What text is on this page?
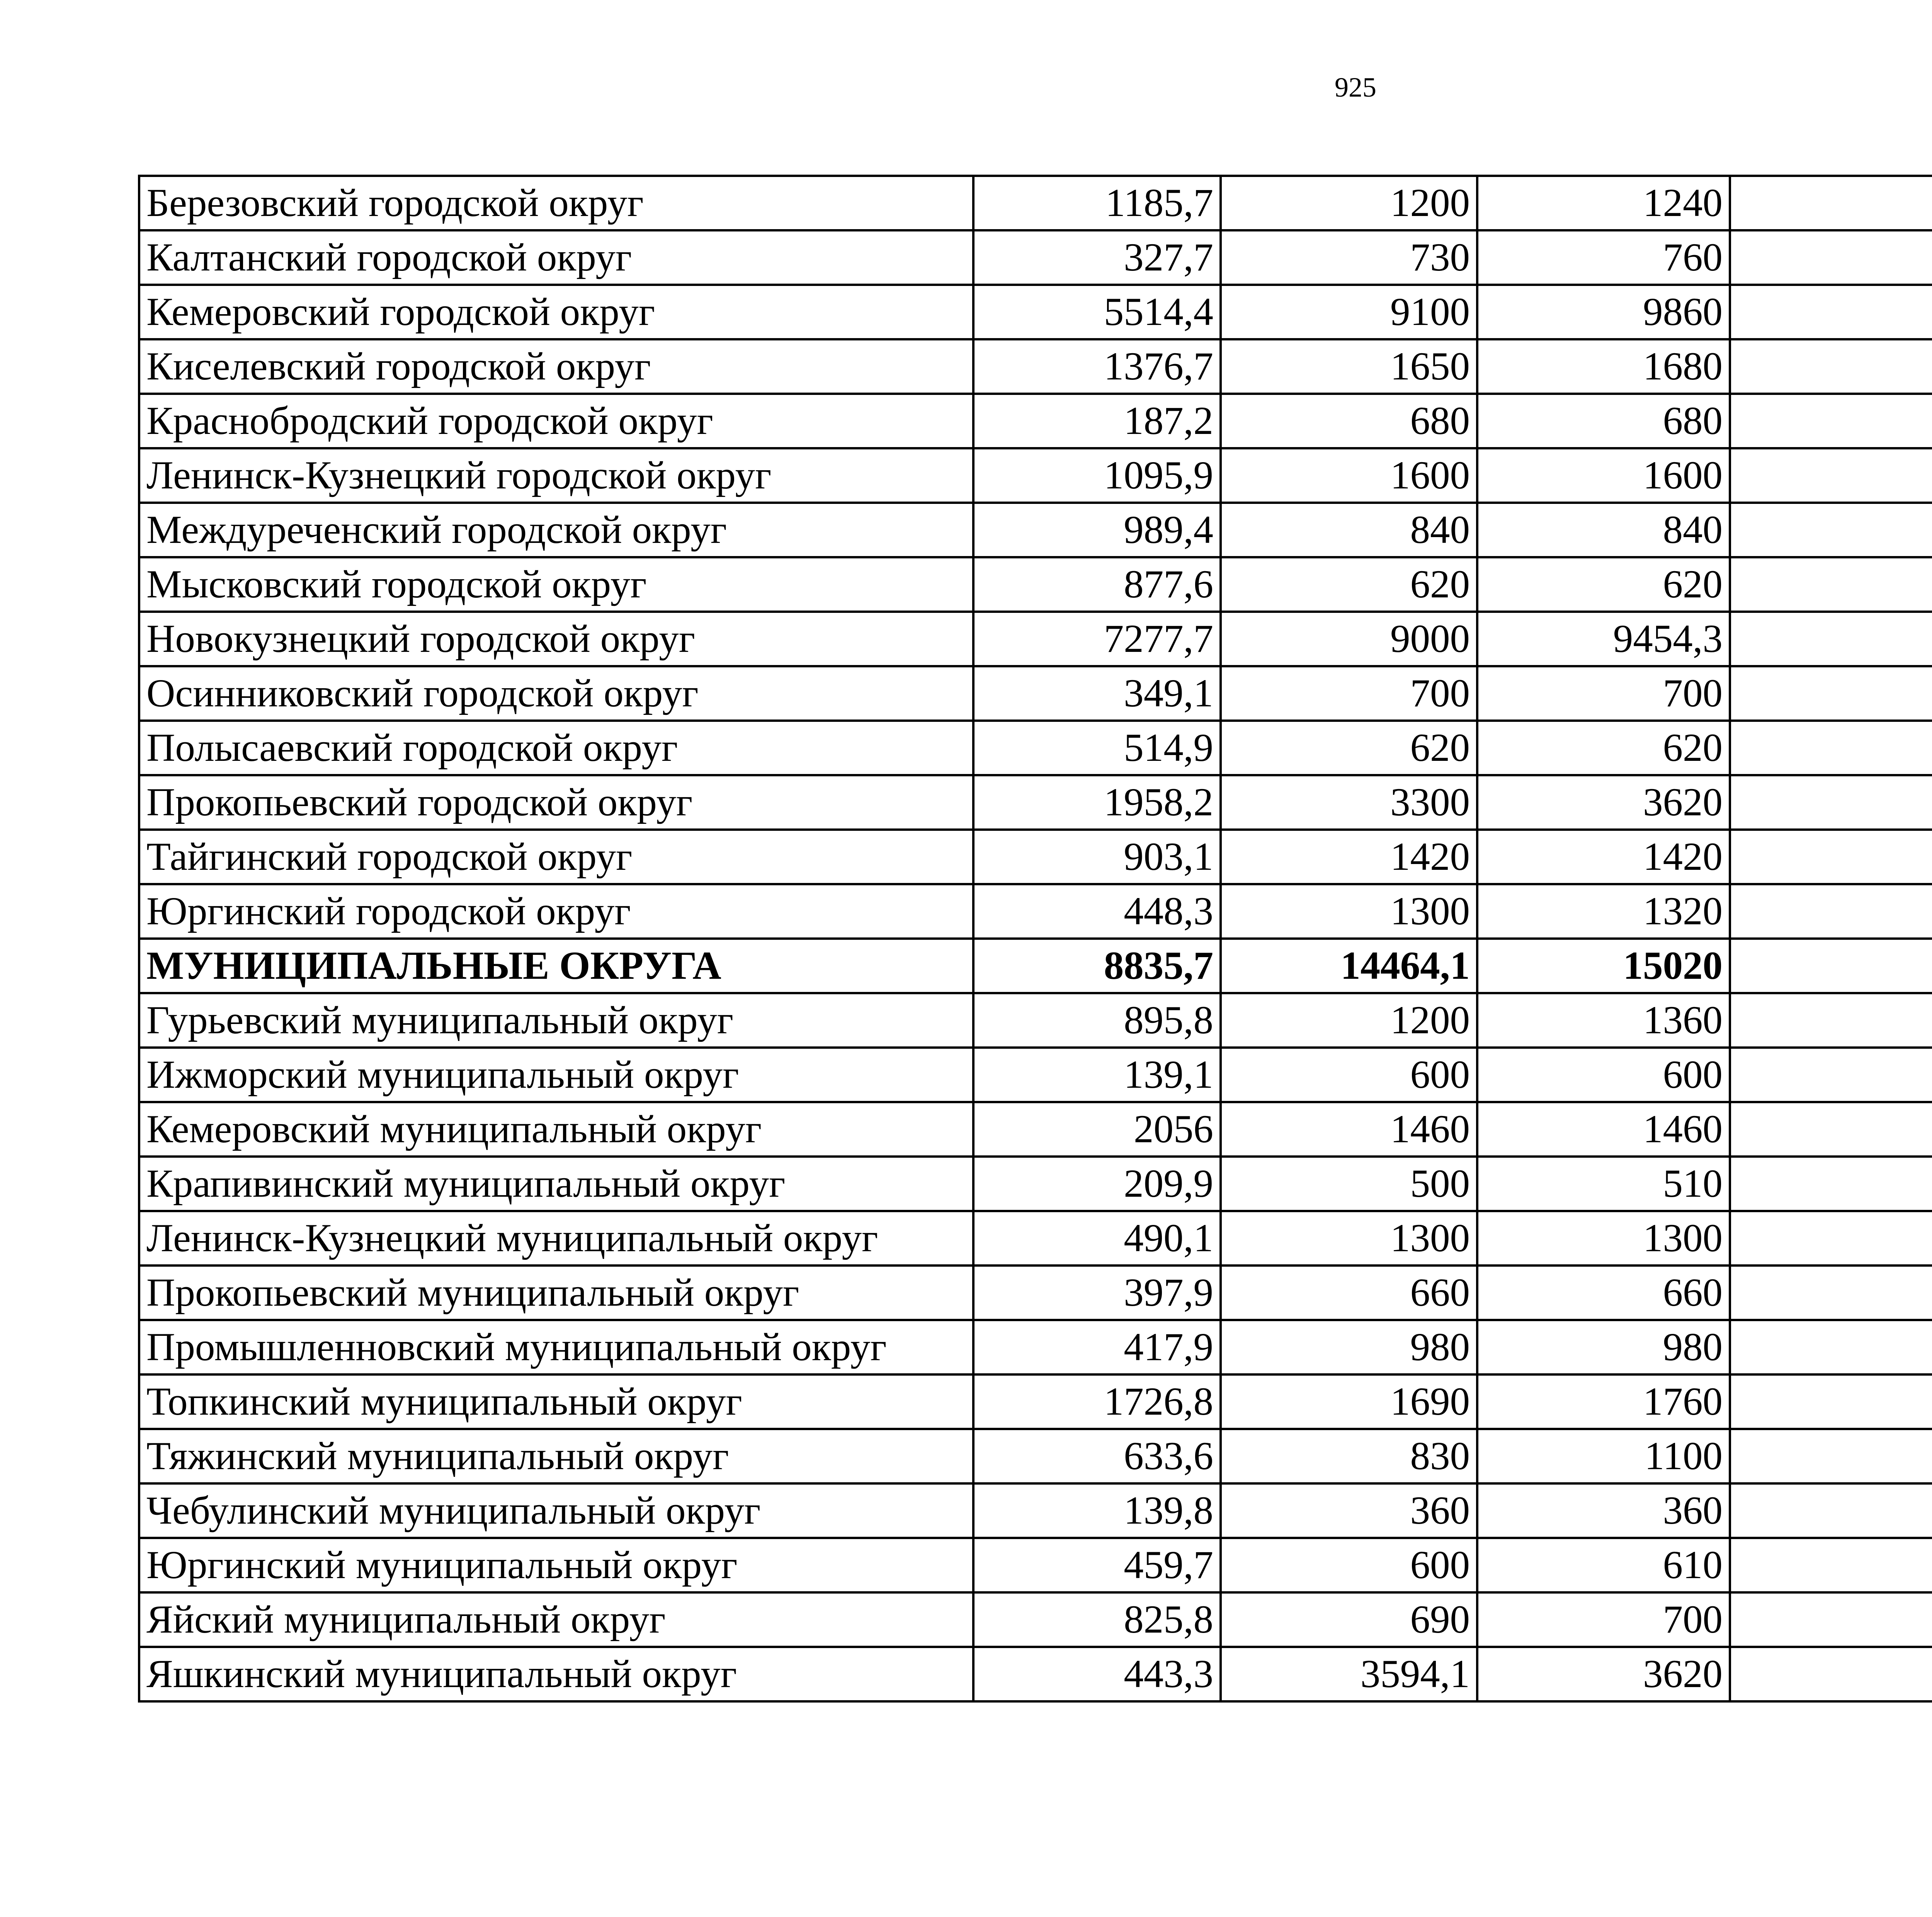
925
Березовский городской округ	1185,7	1200	1240			
Калтанский городской округ	327,7	730	760			
Кемеровский городской округ	5514,4	9100	9860			
Киселевский городской округ	1376,7	1650	1680			
Краснобродский городской округ	187,2	680	680			
Ленинск-Кузнецкий городской округ	1095,9	1600	1600			
Междуреченский городской округ	989,4	840	840			
Мысковский городской округ	877,6	620	620			
Новокузнецкий городской округ	7277,7	9000	9454,3			
Осинниковский городской округ	349,1	700	700			
Полысаевский городской округ	514,9	620	620			
Прокопьевский городской округ	1958,2	3300	3620			
Тайгинский городской округ	903,1	1420	1420			
Юргинский городской округ	448,3	1300	1320			
МУНИЦИПАЛЬНЫЕ ОКРУГА	8835,7	14464,1	15020			
Гурьевский муниципальный округ	895,8	1200	1360			
Ижморский муниципальный округ	139,1	600	600			
Кемеровский муниципальный округ	2056	1460	1460			
Крапивинский муниципальный округ	209,9	500	510			
Ленинск-Кузнецкий муниципальный округ	490,1	1300	1300			
Прокопьевский муниципальный округ	397,9	660	660			
Промышленновский муниципальный округ	417,9	980	980			
Топкинский муниципальный округ	1726,8	1690	1760			
Тяжинский муниципальный округ	633,6	830	1100			
Чебулинский муниципальный округ	139,8	360	360			
Юргинский муниципальный округ	459,7	600	610			
Яйский муниципальный округ	825,8	690	700			
Яшкинский муниципальный округ	443,3	3594,1	3620			
